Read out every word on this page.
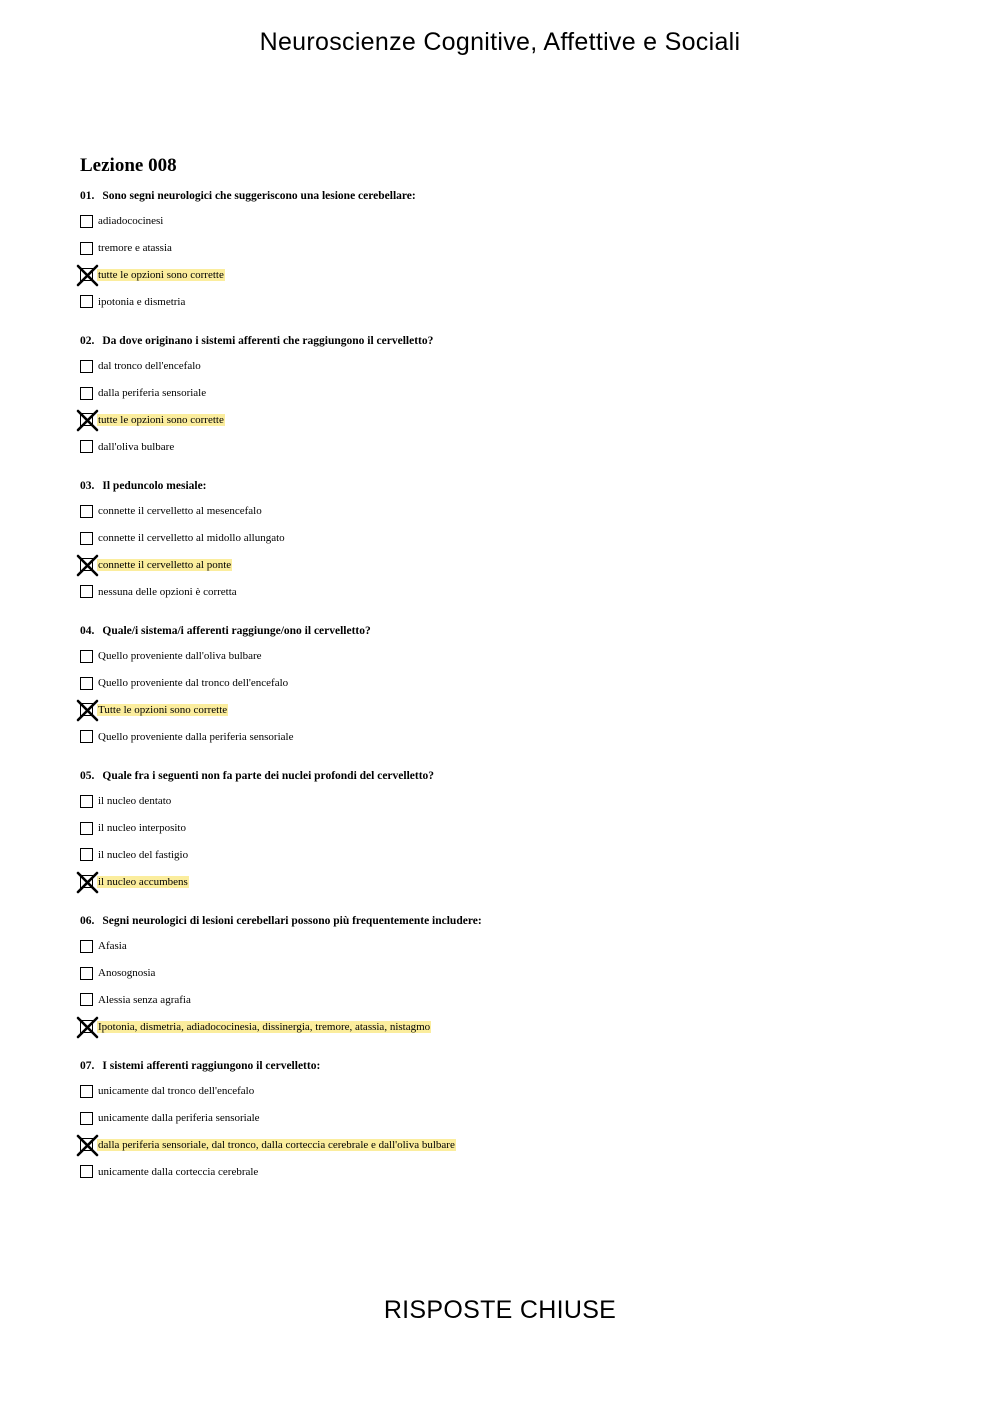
Neuroscienze Cognitive, Affettive e Sociali
Lezione 008
01. Sono segni neurologici che suggeriscono una lesione cerebellare:
adiadococinesi
tremore e atassia
tutte le opzioni sono corrette
ipotonia e dismetria
02. Da dove originano i sistemi afferenti che raggiungono il cervelletto?
dal tronco dell'encefalo
dalla periferia sensoriale
tutte le opzioni sono corrette
dall'oliva bulbare
03. Il peduncolo mesiale:
connette il cervelletto al mesencefalo
connette il cervelletto al midollo allungato
connette il cervelletto al ponte
nessuna delle opzioni è corretta
04. Quale/i sistema/i afferenti raggiunge/ono il cervelletto?
Quello proveniente dall'oliva bulbare
Quello proveniente dal tronco dell'encefalo
Tutte le opzioni sono corrette
Quello proveniente dalla periferia sensoriale
05. Quale fra i seguenti non fa parte dei nuclei profondi del cervelletto?
il nucleo dentato
il nucleo interposito
il nucleo del fastigio
il nucleo accumbens
06. Segni neurologici di lesioni cerebellari possono più frequentemente includere:
Afasia
Anosognosia
Alessia senza agrafia
Ipotonia, dismetria, adiadococinesia, dissinergia, tremore, atassia, nistagmo
07. I sistemi afferenti raggiungono il cervelletto:
unicamente dal tronco dell'encefalo
unicamente dalla periferia sensoriale
dalla periferia sensoriale, dal tronco, dalla corteccia cerebrale e dall'oliva bulbare
unicamente dalla corteccia cerebrale
RISPOSTE CHIUSE
